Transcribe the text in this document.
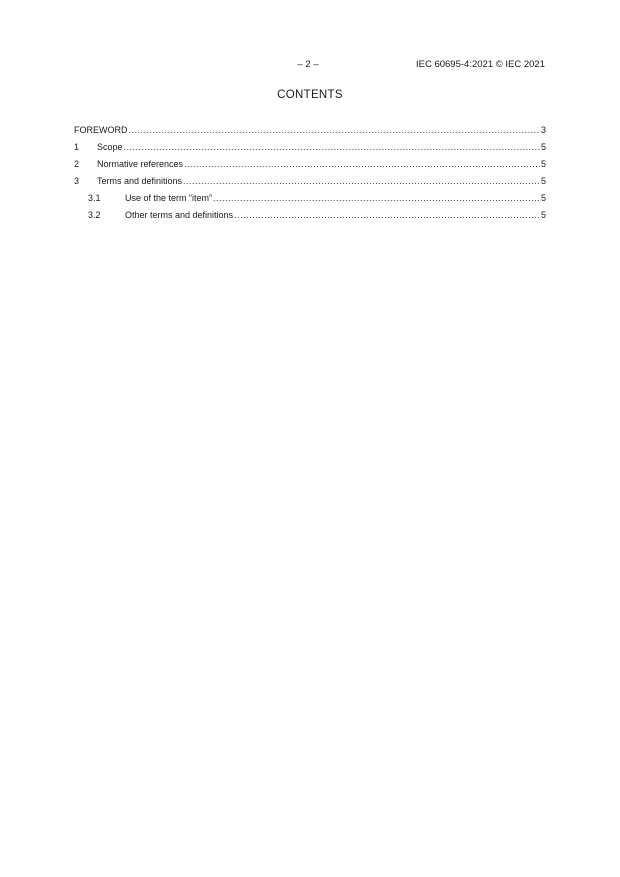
– 2 –	IEC 60695-4:2021 © IEC 2021
CONTENTS
FOREWORD .....	3
1	Scope .....	5
2	Normative references .....	5
3	Terms and definitions .....	5
3.1	Use of the term “item” .....	5
3.2	Other terms and definitions .....	5
